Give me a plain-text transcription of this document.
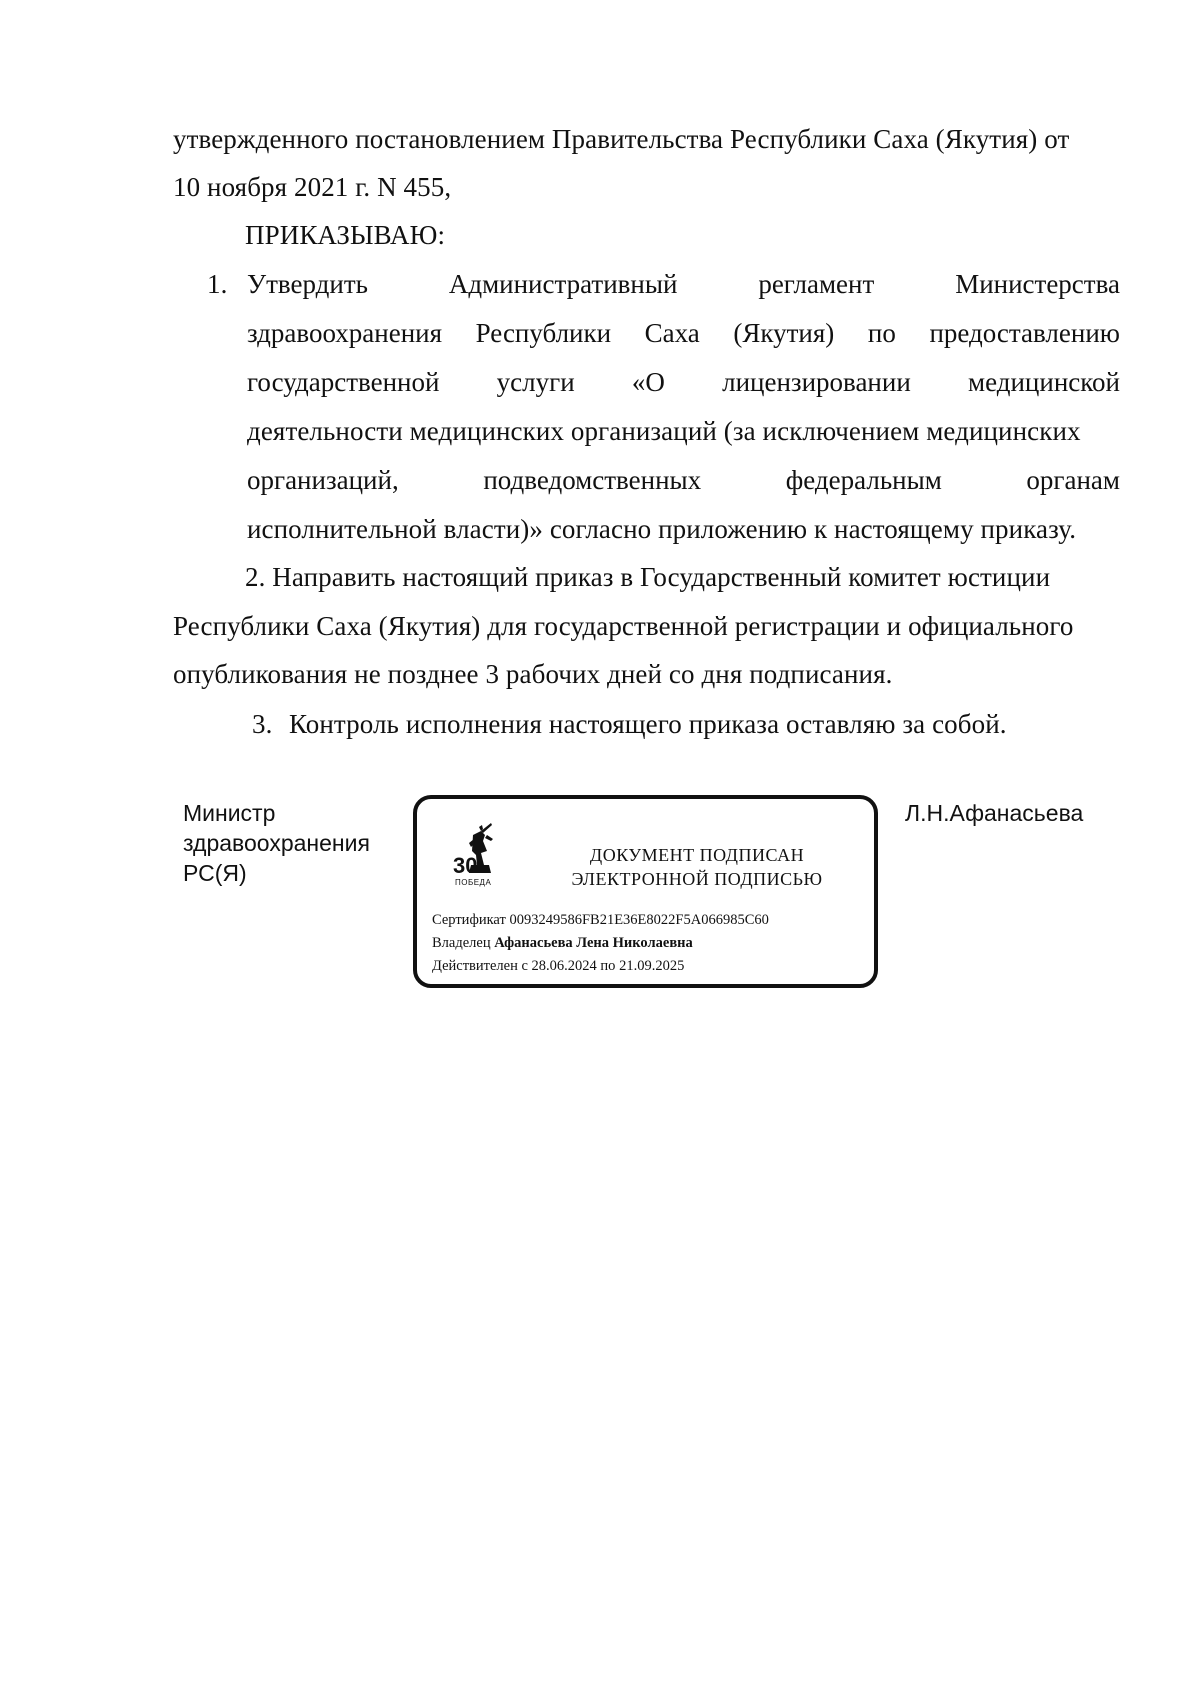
утвержденного постановлением Правительства Республики Саха (Якутия) от
10 ноября 2021 г. N 455,
ПРИКАЗЫВАЮ:
1. Утвердить	Административный	регламент	Министерства
здравоохранения Республики Саха (Якутия) по предоставлению
государственной услуги «О лицензировании медицинской
деятельности медицинских организаций (за исключением медицинских
организаций,	подведомственных	федеральным	органам
исполнительной власти)» согласно приложению к настоящему приказу.
2. Направить настоящий приказ в Государственный комитет юстиции
Республики Саха (Якутия) для государственной регистрации и официального
опубликования не позднее 3 рабочих дней со дня подписания.
3. Контроль исполнения настоящего приказа оставляю за собой.
Министр
здравоохранения
РС(Я)
Л.Н.Афанасьева
30
ПОБЕДА
ДОКУМЕНТ ПОДПИСАН
ЭЛЕКТРОННОЙ ПОДПИСЬЮ
Сертификат 0093249586FB21E36E8022F5A066985C60
Владелец Афанасьева Лена Николаевна
Действителен с 28.06.2024 по 21.09.2025
